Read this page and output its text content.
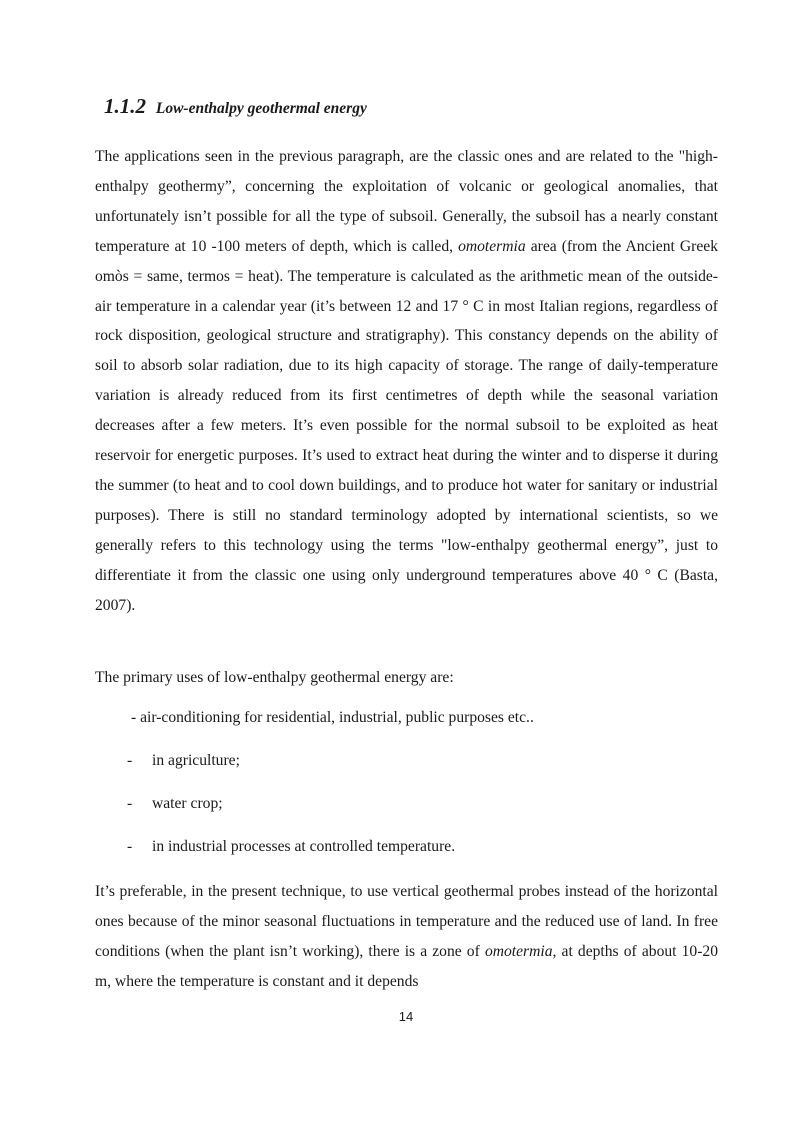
1.1.2 Low-enthalpy geothermal energy

The applications seen in the previous paragraph, are the classic ones and are related to the "high-enthalpy geothermy”, concerning the exploitation of volcanic or geological anomalies, that unfortunately isn’t possible for all the type of subsoil. Generally, the subsoil has a nearly constant temperature at 10 -100 meters of depth, which is called, omotermia area (from the Ancient Greek omòs = same, termos = heat). The temperature is calculated as the arithmetic mean of the outside-air temperature in a calendar year (it’s between 12 and 17 ° C in most Italian regions, regardless of rock disposition, geological structure and stratigraphy). This constancy depends on the ability of soil to absorb solar radiation, due to its high capacity of storage. The range of daily-temperature variation is already reduced from its first centimetres of depth while the seasonal variation decreases after a few meters. It’s even possible for the normal subsoil to be exploited as heat reservoir for energetic purposes. It’s used to extract heat during the winter and to disperse it during the summer (to heat and to cool down buildings, and to produce hot water for sanitary or industrial purposes). There is still no standard terminology adopted by international scientists, so we generally refers to this technology using the terms "low-enthalpy geothermal energy”, just to differentiate it from the classic one using only underground temperatures above 40 ° C (Basta, 2007).

The primary uses of low-enthalpy geothermal energy are:

- air-conditioning for residential, industrial, public purposes etc..
- in agriculture;
- water crop;
- in industrial processes at controlled temperature.

It’s preferable, in the present technique, to use vertical geothermal probes instead of the horizontal ones because of the minor seasonal fluctuations in temperature and the reduced use of land. In free conditions (when the plant isn’t working), there is a zone of omotermia, at depths of about 10-20 m, where the temperature is constant and it depends

14
